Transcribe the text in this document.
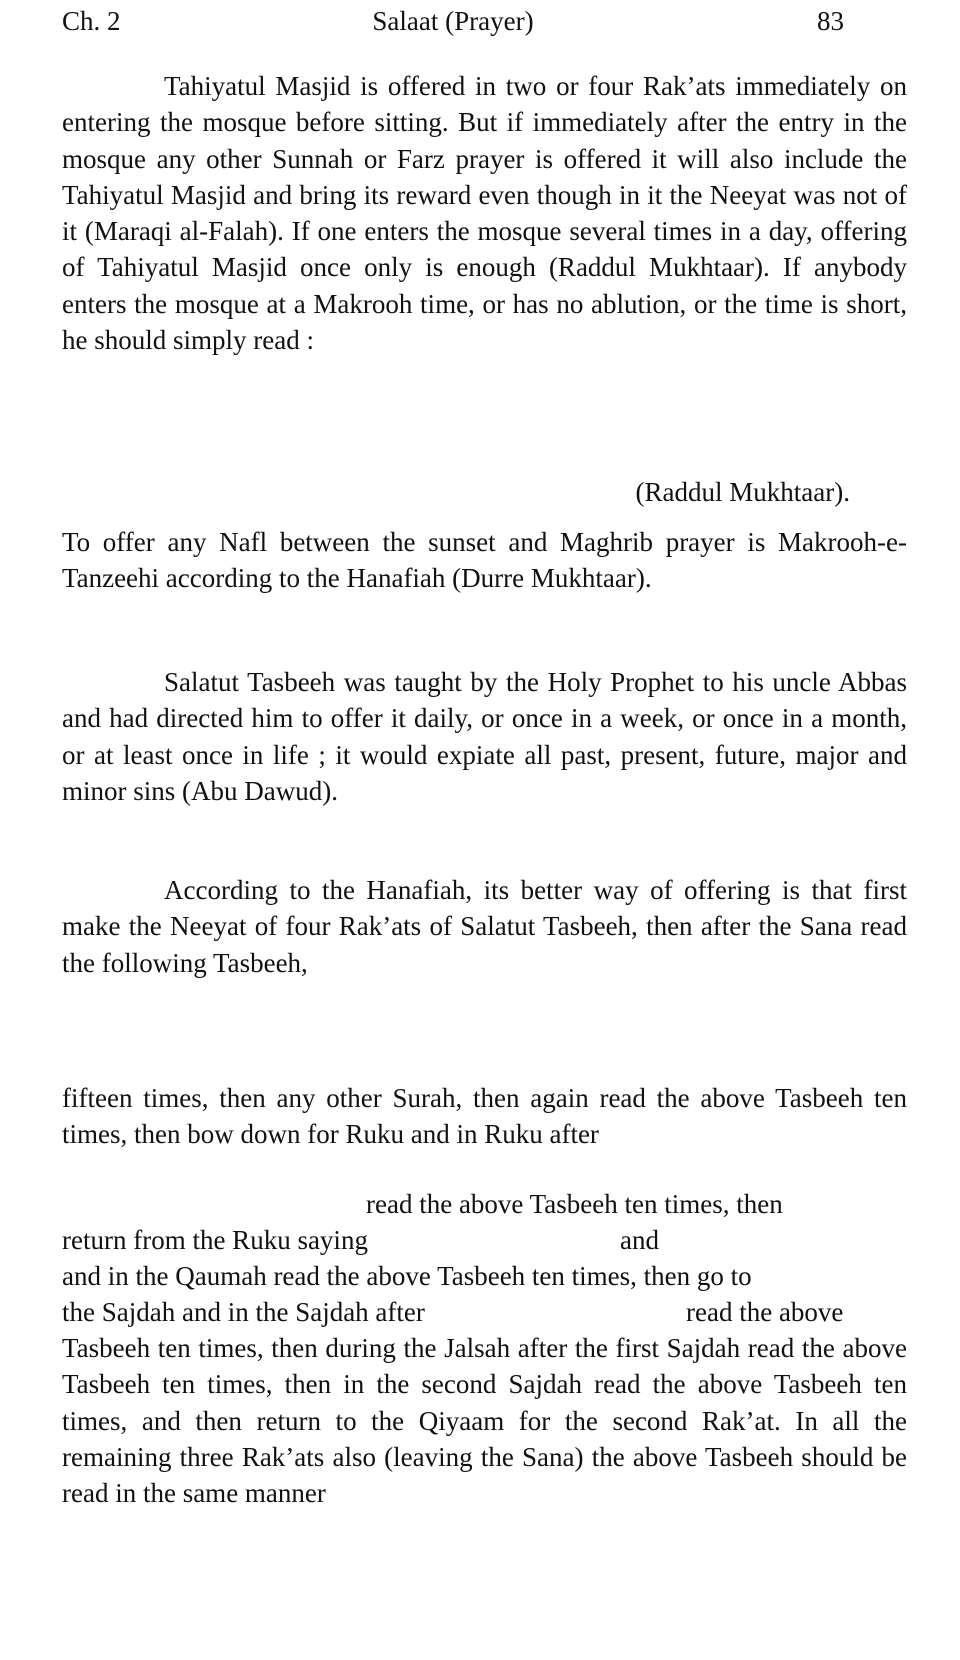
Ch. 2	Salaat (Prayer)	83

Tahiyatul Masjid is offered in two or four Rak’ats immediately on entering the mosque before sitting. But if immediately after the entry in the mosque any other Sunnah or Farz prayer is offered it will also include the Tahiyatul Masjid and bring its reward even though in it the Neeyat was not of it (Maraqi al-Falah). If one enters the mosque several times in a day, offering of Tahiyatul Masjid once only is enough (Raddul Mukhtaar). If anybody enters the mosque at a Makrooh time, or has no ablution, or the time is short, he should simply read :

(Raddul Mukhtaar).

To offer any Nafl between the sunset and Maghrib prayer is Makrooh-e-Tanzeehi according to the Hanafiah (Durre Mukhtaar).

Salatut Tasbeeh was taught by the Holy Prophet to his uncle Abbas and had directed him to offer it daily, or once in a week, or once in a month, or at least once in life ; it would expiate all past, present, future, major and minor sins (Abu Dawud).

According to the Hanafiah, its better way of offering is that first make the Neeyat of four Rak’ats of Salatut Tasbeeh, then after the Sana read the following Tasbeeh,

fifteen times, then any other Surah, then again read the above Tasbeeh ten times, then bow down for Ruku and in Ruku after

read the above Tasbeeh ten times, then
return from the Ruku saying	and

and in the Qaumah read the above Tasbeeh ten times, then go to

the Sajdah and in the Sajdah after	read the above

Tasbeeh ten times, then during the Jalsah after the first Sajdah read the above Tasbeeh ten times, then in the second Sajdah read the above Tasbeeh ten times, and then return to the Qiyaam for the second Rak’at. In all the remaining three Rak’ats also (leaving the Sana) the above Tasbeeh should be read in the same manner
